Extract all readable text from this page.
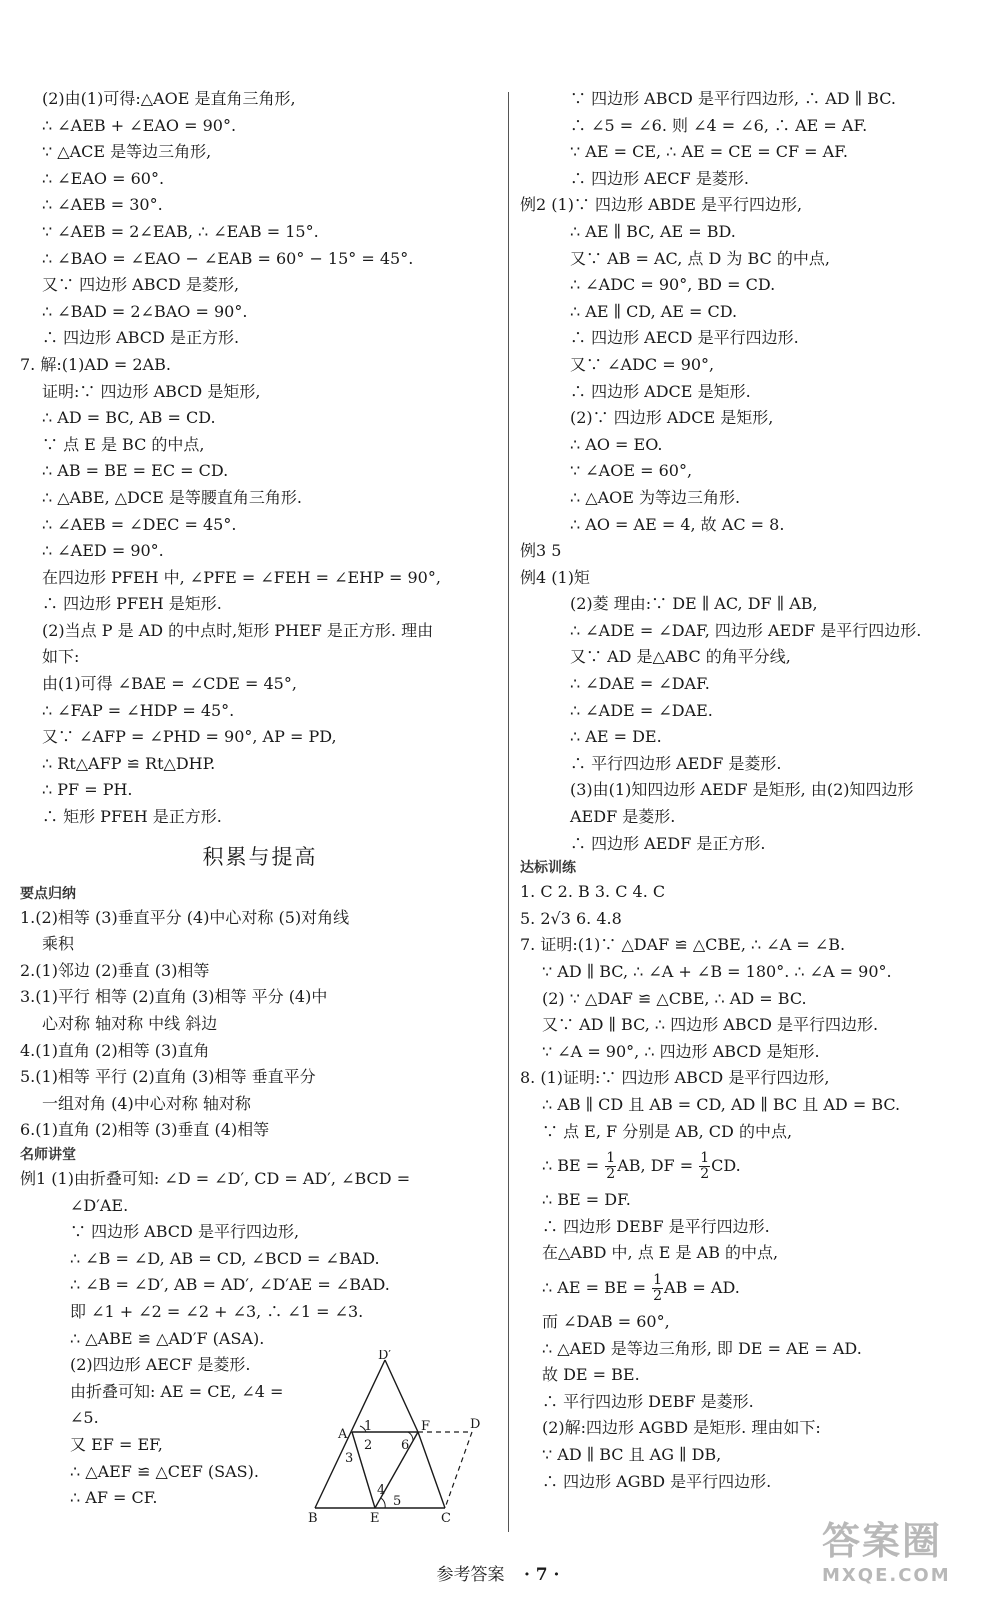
(2)由(1)可得:△AOE 是直角三角形,
∴ ∠AEB + ∠EAO = 90°.
∵ △ACE 是等边三角形,
∴ ∠EAO = 60°.
∴ ∠AEB = 30°.
∵ ∠AEB = 2∠EAB, ∴ ∠EAB = 15°.
∴ ∠BAO = ∠EAO − ∠EAB = 60° − 15° = 45°.
又∵ 四边形 ABCD 是菱形,
∴ ∠BAD = 2∠BAO = 90°.
∴ 四边形 ABCD 是正方形.
7. 解:(1)AD = 2AB.
证明:∵ 四边形 ABCD 是矩形,
∴ AD = BC, AB = CD.
∵ 点 E 是 BC 的中点,
∴ AB = BE = EC = CD.
∴ △ABE, △DCE 是等腰直角三角形.
∴ ∠AEB = ∠DEC = 45°.
∴ ∠AED = 90°.
在四边形 PFEH 中, ∠PFE = ∠FEH = ∠EHP = 90°,
∴ 四边形 PFEH 是矩形.
(2)当点 P 是 AD 的中点时,矩形 PHEF 是正方形. 理由
如下:
由(1)可得 ∠BAE = ∠CDE = 45°,
∴ ∠FAP = ∠HDP = 45°.
又∵ ∠AFP = ∠PHD = 90°, AP = PD,
∴ Rt△AFP ≌ Rt△DHP.
∴ PF = PH.
∴ 矩形 PFEH 是正方形.
积累与提高
要点归纳
1.(2)相等 (3)垂直平分 (4)中心对称 (5)对角线
乘积
2.(1)邻边 (2)垂直 (3)相等
3.(1)平行 相等 (2)直角 (3)相等 平分 (4)中
心对称 轴对称 中线 斜边
4.(1)直角 (2)相等 (3)直角
5.(1)相等 平行 (2)直角 (3)相等 垂直平分
一组对角 (4)中心对称 轴对称
6.(1)直角 (2)相等 (3)垂直 (4)相等
名师讲堂
例1 (1)由折叠可知: ∠D = ∠D′, CD = AD′, ∠BCD =
∠D′AE.
∵ 四边形 ABCD 是平行四边形,
∴ ∠B = ∠D, AB = CD, ∠BCD = ∠BAD.
∴ ∠B = ∠D′, AB = AD′, ∠D′AE = ∠BAD.
即 ∠1 + ∠2 = ∠2 + ∠3, ∴ ∠1 = ∠3.
∴ △ABE ≌ △AD′F (ASA).
(2)四边形 AECF 是菱形.
由折叠可知: AE = CE, ∠4 =
∠5.
又 EF = EF,
∴ △AEF ≌ △CEF (SAS).
∴ AF = CF.
D′
A
1
2
3
F
6
D
4
5
B	E	C
∵ 四边形 ABCD 是平行四边形, ∴ AD ∥ BC.
∴ ∠5 = ∠6. 则 ∠4 = ∠6, ∴ AE = AF.
∵ AE = CE, ∴ AE = CE = CF = AF.
∴ 四边形 AECF 是菱形.
例2 (1)∵ 四边形 ABDE 是平行四边形,
∴ AE ∥ BC, AE = BD.
又∵ AB = AC, 点 D 为 BC 的中点,
∴ ∠ADC = 90°, BD = CD.
∴ AE ∥ CD, AE = CD.
∴ 四边形 AECD 是平行四边形.
又∵ ∠ADC = 90°,
∴ 四边形 ADCE 是矩形.
(2)∵ 四边形 ADCE 是矩形,
∴ AO = EO.
∵ ∠AOE = 60°,
∴ △AOE 为等边三角形.
∴ AO = AE = 4, 故 AC = 8.
例3 5
例4 (1)矩
(2)菱 理由:∵ DE ∥ AC, DF ∥ AB,
∴ ∠ADE = ∠DAF, 四边形 AEDF 是平行四边形.
又∵ AD 是△ABC 的角平分线,
∴ ∠DAE = ∠DAF.
∴ ∠ADE = ∠DAE.
∴ AE = DE.
∴ 平行四边形 AEDF 是菱形.
(3)由(1)知四边形 AEDF 是矩形, 由(2)知四边形
AEDF 是菱形.
∴ 四边形 AEDF 是正方形.
达标训练
1. C 2. B 3. C 4. C
5. 2√3 6. 4.8
7. 证明:(1)∵ △DAF ≌ △CBE, ∴ ∠A = ∠B.
∵ AD ∥ BC, ∴ ∠A + ∠B = 180°. ∴ ∠A = 90°.
(2) ∵ △DAF ≌ △CBE, ∴ AD = BC.
又∵ AD ∥ BC, ∴ 四边形 ABCD 是平行四边形.
∵ ∠A = 90°, ∴ 四边形 ABCD 是矩形.
8. (1)证明:∵ 四边形 ABCD 是平行四边形,
∴ AB ∥ CD 且 AB = CD, AD ∥ BC 且 AD = BC.
∵ 点 E, F 分别是 AB, CD 的中点,
∴ BE = $\frac{1}{2}$ AB, DF = $\frac{1}{2}$ CD.
∴ BE = DF.
∴ 四边形 DEBF 是平行四边形.
在△ABD 中, 点 E 是 AB 的中点,
∴ AE = BE = $\frac{1}{2}$ AB = AD.
而 ∠DAB = 60°,
∴ △AED 是等边三角形, 即 DE = AE = AD.
故 DE = BE.
∴ 平行四边形 DEBF 是菱形.
(2)解:四边形 AGBD 是矩形. 理由如下:
∵ AD ∥ BC 且 AG ∥ DB,
∴ 四边形 AGBD 是平行四边形.
参考答案 · 7 ·
答案圈
MXQE.COM
